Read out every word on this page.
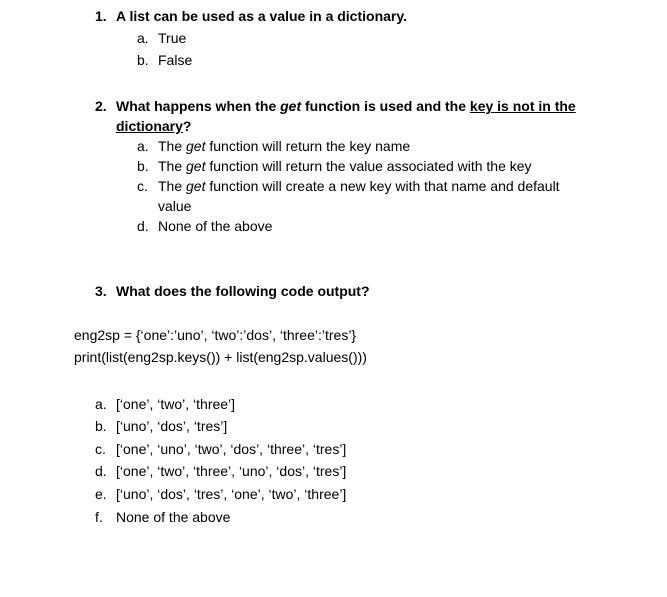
1. A list can be used as a value in a dictionary.
a. True
b. False
2. What happens when the get function is used and the key is not in the
dictionary?
a. The get function will return the key name
b. The get function will return the value associated with the key
c. The get function will create a new key with that name and default
value
d. None of the above
3. What does the following code output?
eng2sp = {‘one’:’uno’, ‘two’:’dos’, ‘three’:’tres’}
print(list(eng2sp.keys()) + list(eng2sp.values()))
a. [‘one’, ‘two’, ‘three’]
b. [‘uno’, ‘dos’, ‘tres’]
c. [‘one’, ‘uno’, ‘two’, ‘dos’, ‘three’, ‘tres’]
d. [‘one’, ‘two’, ‘three’, ‘uno’, ‘dos’, ‘tres’]
e. [‘uno’, ‘dos’, ‘tres’, ‘one’, ‘two’, ‘three’]
f. None of the above
